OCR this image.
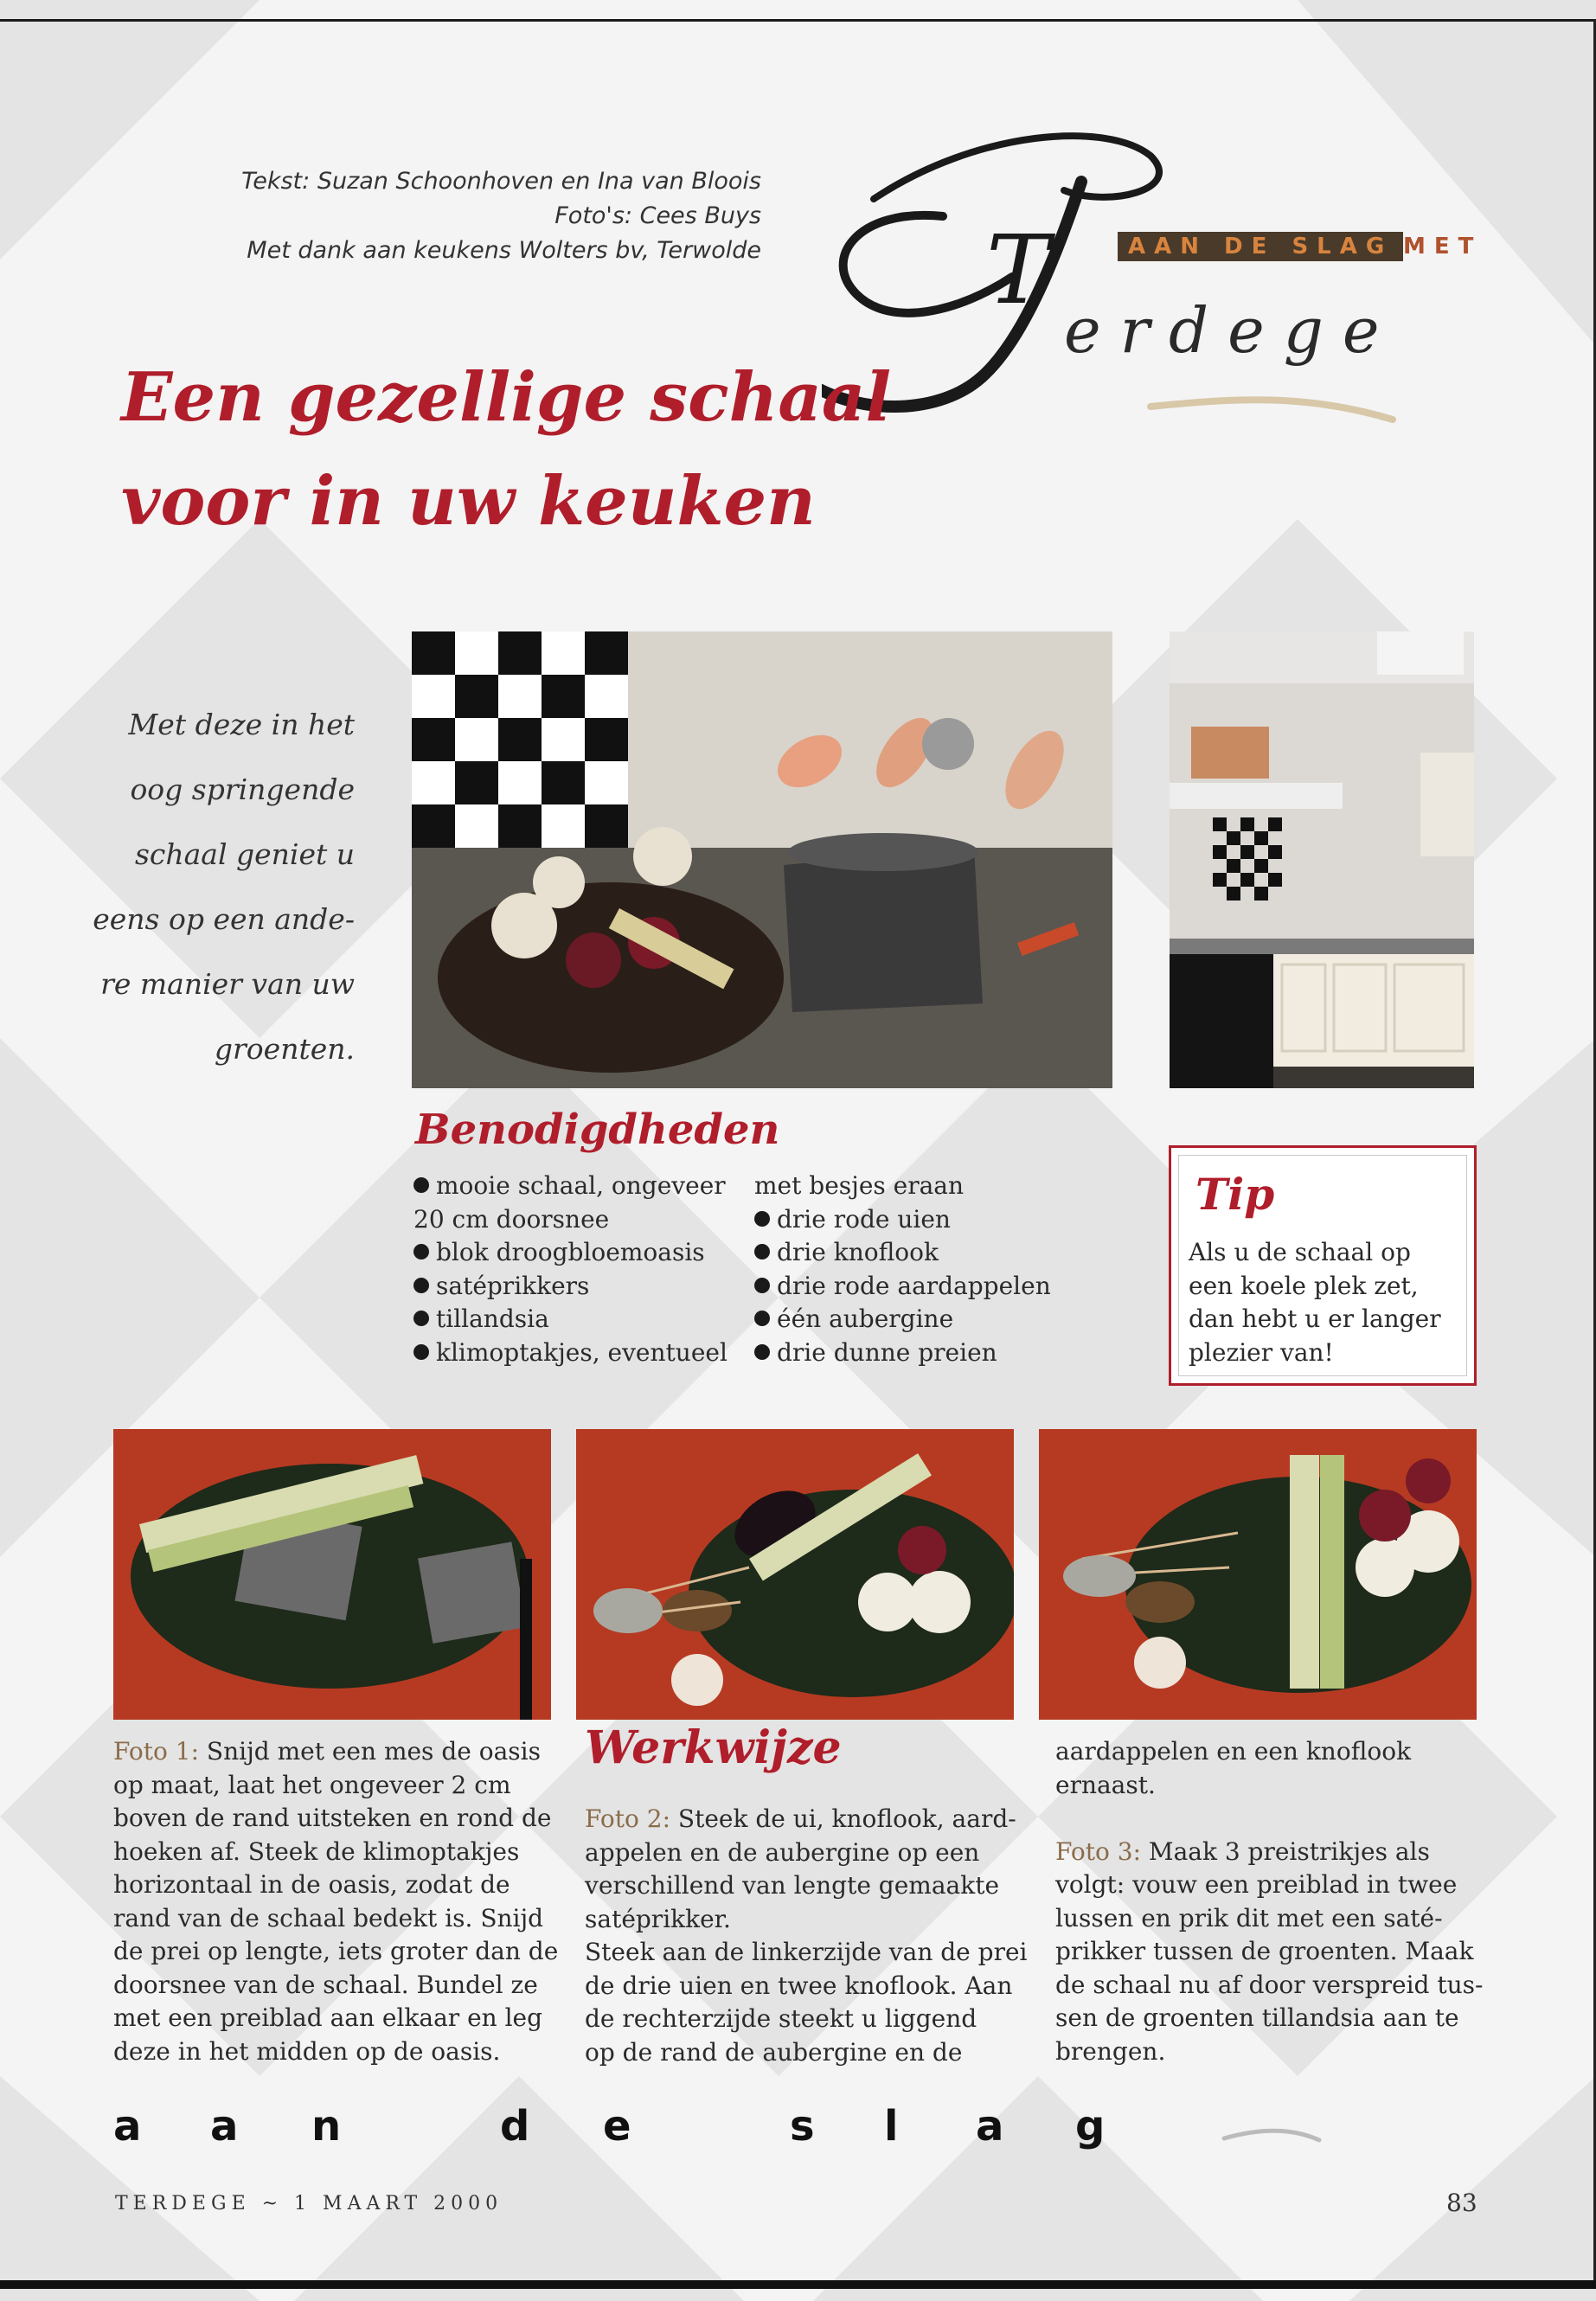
Tekst: Suzan Schoonhoven en Ina van Bloois
Foto's: Cees Buys
Met dank aan keukens Wolters bv, Terwolde T	AAN DE SLAG MET
erdege
Een gezellige schaal
voor in uw keuken
Met deze in het
oog springende
schaal geniet u
eens op een ande-
re manier van uw
groenten.
Benodigdheden
mooie schaal, ongeveer
20 cm doorsnee
blok droogbloemoasis
satéprikkers
tillandsia
klimoptakjes, eventueel
met besjes eraan
drie rode uien
drie knoflook
drie rode aardappelen
één aubergine
drie dunne preien
Tip
Als u de schaal op
een koele plek zet,
dan hebt u er langer
plezier van!
Foto 1: Snijd met een mes de oasis
op maat, laat het ongeveer 2 cm
boven de rand uitsteken en rond de
hoeken af. Steek de klimoptakjes
horizontaal in de oasis, zodat de
rand van de schaal bedekt is. Snijd
de prei op lengte, iets groter dan de
doorsnee van de schaal. Bundel ze
met een preiblad aan elkaar en leg
deze in het midden op de oasis.
Werkwijze
Foto 2: Steek de ui, knoflook, aard-
appelen en de aubergine op een
verschillend van lengte gemaakte
satéprikker.
Steek aan de linkerzijde van de prei
de drie uien en twee knoflook. Aan
de rechterzijde steekt u liggend
op de rand de aubergine en de
aardappelen en een knoflook
ernaast.

Foto 3: Maak 3 preistrikjes als
volgt: vouw een preiblad in twee
lussen en prik dit met een saté-
prikker tussen de groenten. Maak
de schaal nu af door verspreid tus-
sen de groenten tillandsia aan te
brengen.
a a n	d e	s l a g
TERDEGE ~ 1 MAART 2000	83
